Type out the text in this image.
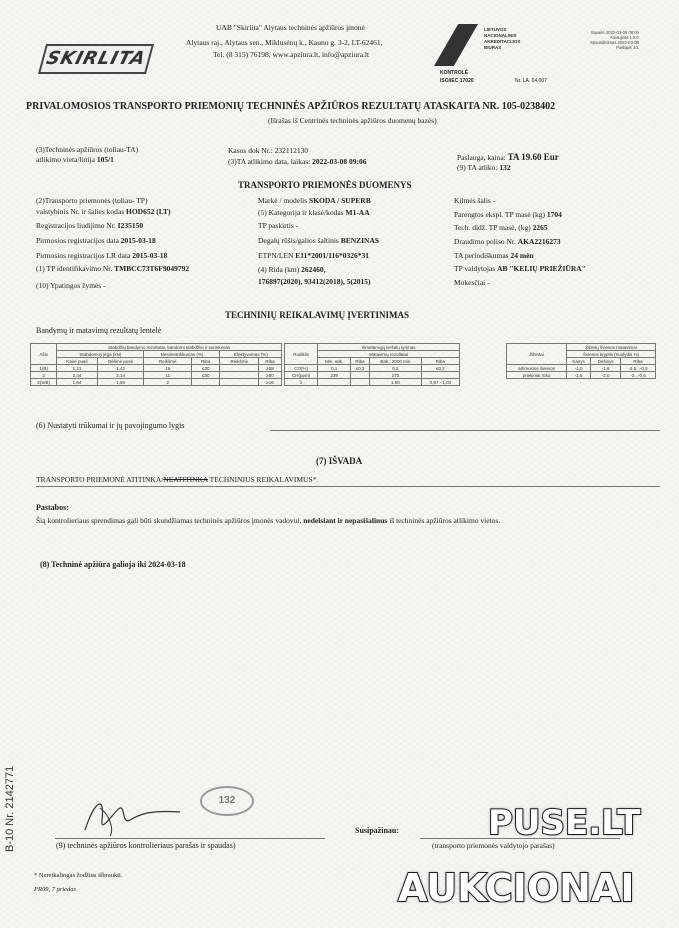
SKIRLITA
UAB "Skirlita" Alytaus techninės apžiūros įmonė
Alytaus raj., Alytaus sen., Miklusėnų k., Kauno g. 3-2, LT-62461,
Tel. (8 315) 76198, www.apziura.lt, info@apziura.lt
LIETUVOS
NACIONALINIS
AKREDITACIJOS
BIURAS
KONTROLĖ
ISO/IEC 17020	Nr. LA. 04.007
Sąvaitė 2022-03-08 09:06
Atnaujinta 1.5.0
Spausdinimas 2022-03-08
Puslapis 1/1
PRIVALOMOSIOS TRANSPORTO PRIEMONIŲ TECHNINĖS APŽIŪROS REZULTATŲ ATASKAITA NR. 105-0238402
(Išrašas iš Centrinės techninės apžiūros duomenų bazės)
(3)Techninės apžiūros (toliau-TA)
atlikimo vieta/linija 105/1
Kasos dok Nr.: 232112130
(3)TA atlikimo data, laikas: 2022-03-08 09:06	Paslauga, kaina: TA 19.60 Eur
(9) TA atliko: 132
TRANSPORTO PRIEMONĖS DUOMENYS
(2)Transporto priemonės (toliau- TP)
valstybinis Nr. ir šalies kodas HOD652 (LT)
Registracijos liudijimo Nr. I235150
Pirmosios registracijos data 2015-03-18
Pirmosios registracijos LR data 2015-03-18
(1) TP identifikavimo Nr. TMBCC73T6F9049792
(10) Ypatingos žymės -
Markė / modelis SKODA / SUPERB
(5) Kategorija ir klasė/kodas M1-AA
TP paskirtis -
Degalų rūšis/galios šaltinis BENZINAS
ETPN/LEN E11*2001/116*0326*31
(4) Rida (km) 262460,
176897(2020), 93412(2018), 5(2015)
Kilmės šalis -
Parengtos ekspl. TP masė (kg) 1704
Tech. didž. TP masė, (kg) 2265
Draudimo poliso Nr. AKA2216273
TA periodiškumas 24 mėn
TP valdytojas AB "KELIŲ PRIEŽIŪRA"
Mokesčiai -
TECHNINIŲ REIKALAVIMŲ ĮVERTINIMAS
Bandymų ir matavimų rezultatų lentelė
Ašis	Stabdžių bandymo rezultatai, bandomi stabdžiai ir surinkimas					
	Stabdomoji jėga (kN)		Nesimetriškumas (%)		Efektyvumas (%)	
	Kairė pusė	Dešinė pusė	Reikšmė	Riba	Reikšmė	Riba
1(B)	1,21	1,42	16	≤30		≥58
2	2,44	2,14	11	≤30		≥50
2(S/B)	1,64	1,60	2			≥16
Rodiklis	Išmetamųjų teršalų tyrimas			
	Matavimų rezultatai			
	Min. sūk.	Riba	Bak.: 2000 min	Riba
CO(%)	0,1	≤0,3	0,2	≤0,2
CH(ppm)	239		270	
λ			1,00	0,97 - 1,03
Žibintai	Žibintų šviesos matavimai		
	Šviesos kryptis (nuolydis %)		
	Kairys	Dešinys	Riba
artimosios šviesos	-1,0	-1,6	-2,5...-0,5
priekiniai rūko	-1,5	-2,0	-3...-0,5
(6) Nustatyti trūkumai ir jų pavojingumo lygis
(7) IŠVADA
TRANSPORTO PRIEMONĖ ATITINKA/NEATITINKA TECHNINIUS REIKALAVIMUS*.
Pastabos:
Šią kontrolieriaus sprendimas gali būti skundžiamas techninės apžiūros įmonės vadovui, nedelsiant ir nepasišalinus iš techninės apžiūros atlikimo vietos.
(8) Techninė apžiūra galioja iki 2024-03-18
B-10 Nr. 2142771	132
(9) techninės apžiūros kontrolieriaus parašas ir spaudas)
Susipažinau:
(transporto priemonės valdytojo parašas)
* Nereikalingas žodžius išbraukti.
PR09, 7 priedas
PUSE.LT
AUKCIONAI
